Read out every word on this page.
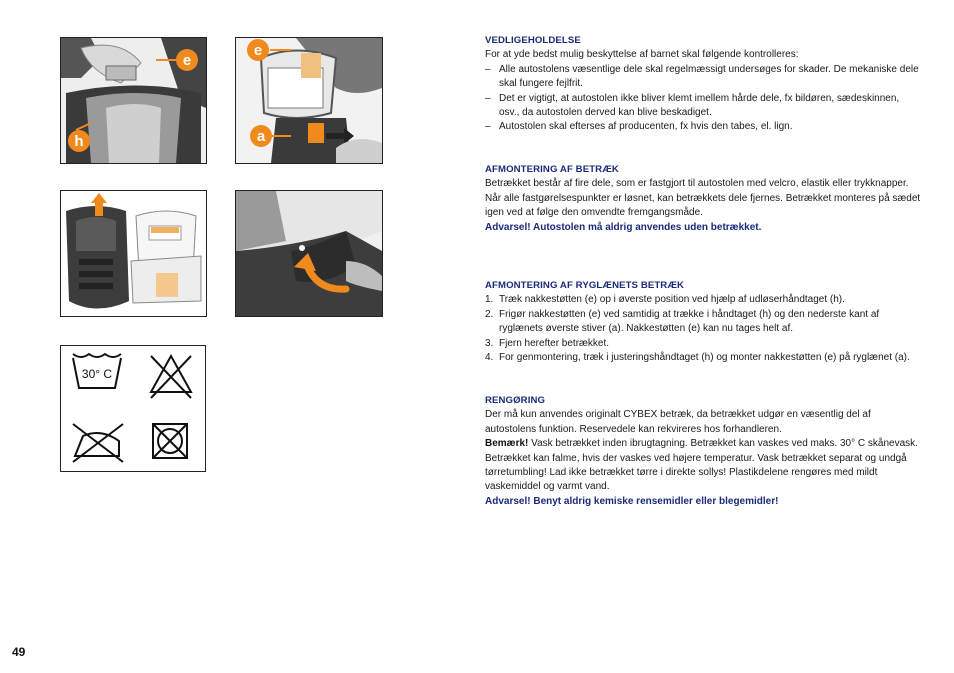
e
h
e
a
30° C
VEDLIGEHOLDELSE

For at yde bedst mulig beskyttelse af barnet skal følgende kontrolleres:

– Alle autostolens væsentlige dele skal regelmæssigt undersøges for skader. De mekaniske dele skal fungere fejlfrit.
– Det er vigtigt, at autostolen ikke bliver klemt imellem hårde dele, fx bildøren, sædeskinnen, osv., da autostolen derved kan blive beskadiget.
– Autostolen skal efterses af producenten, fx hvis den tabes, el. lign.
AFMONTERING AF BETRÆK

Betrækket består af fire dele, som er fastgjort til autostolen med velcro, elastik eller trykknapper. Når alle fastgørelsespunkter er løsnet, kan betrækkets dele fjernes. Betrækket monteres på sædet igen ved at følge den omvendte fremgangsmåde.

Advarsel! Autostolen må aldrig anvendes uden betrækket.

AFMONTERING AF RYGLÆNETS BETRÆK
1. Træk nakkestøtten (e) op i øverste position ved hjælp af udløserhåndtaget (h).
2. Frigør nakkestøtten (e) ved samtidig at trække i håndtaget (h) og den nederste kant af ryglænets øverste stiver (a). Nakkestøtten (e) kan nu tages helt af.
3. Fjern herefter betrækket.
4. For genmontering, træk i justeringshåndtaget (h) og monter nakkestøtten (e) på ryglænet (a).
RENGØRING

Der må kun anvendes originalt CYBEX betræk, da betrækket udgør en væsentlig del af autostolens funktion. Reservedele kan rekvireres hos forhandleren.

Bemærk! Vask betrækket inden ibrugtagning. Betrækket kan vaskes ved maks. 30° C skånevask. Betrækket kan falme, hvis der vaskes ved højere temperatur. Vask betrækket separat og undgå tørretumbling! Lad ikke betrækket tørre i direkte sollys! Plastikdelene rengøres med mildt vaskemiddel og varmt vand.

Advarsel! Benyt aldrig kemiske rensemidler eller blegemidler!

49
